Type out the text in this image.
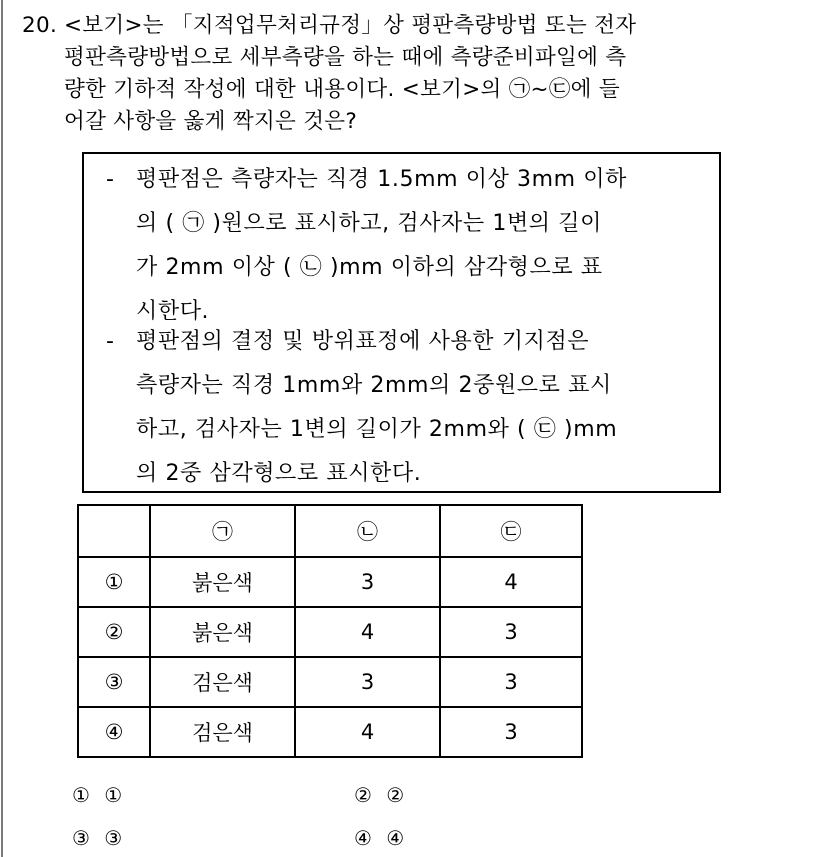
20. <보기>는 「지적업무처리규정」상 평판측량방법 또는 전자
평판측량방법으로 세부측량을 하는 때에 측량준비파일에 측
량한 기하적 작성에 대한 내용이다. <보기>의 ㉠~㉢에 들
어갈 사항을 옳게 짝지은 것은?
- 평판점은 측량자는 직경 1.5mm 이상 3mm 이하
의 ( ㉠ )원으로 표시하고, 검사자는 1변의 길이
가 2mm 이상 ( ㉡ )mm 이하의 삼각형으로 표
시한다.
- 평판점의 결정 및 방위표정에 사용한 기지점은
측량자는 직경 1mm와 2mm의 2중원으로 표시
하고, 검사자는 1변의 길이가 2mm와 ( ㉢ )mm
의 2중 삼각형으로 표시한다.
	㉠	㉡	㉢
①	붉은색	3	4
②	붉은색	4	3
③	검은색	3	3
④	검은색	4	3
① ①	② ②
③ ③	④ ④
